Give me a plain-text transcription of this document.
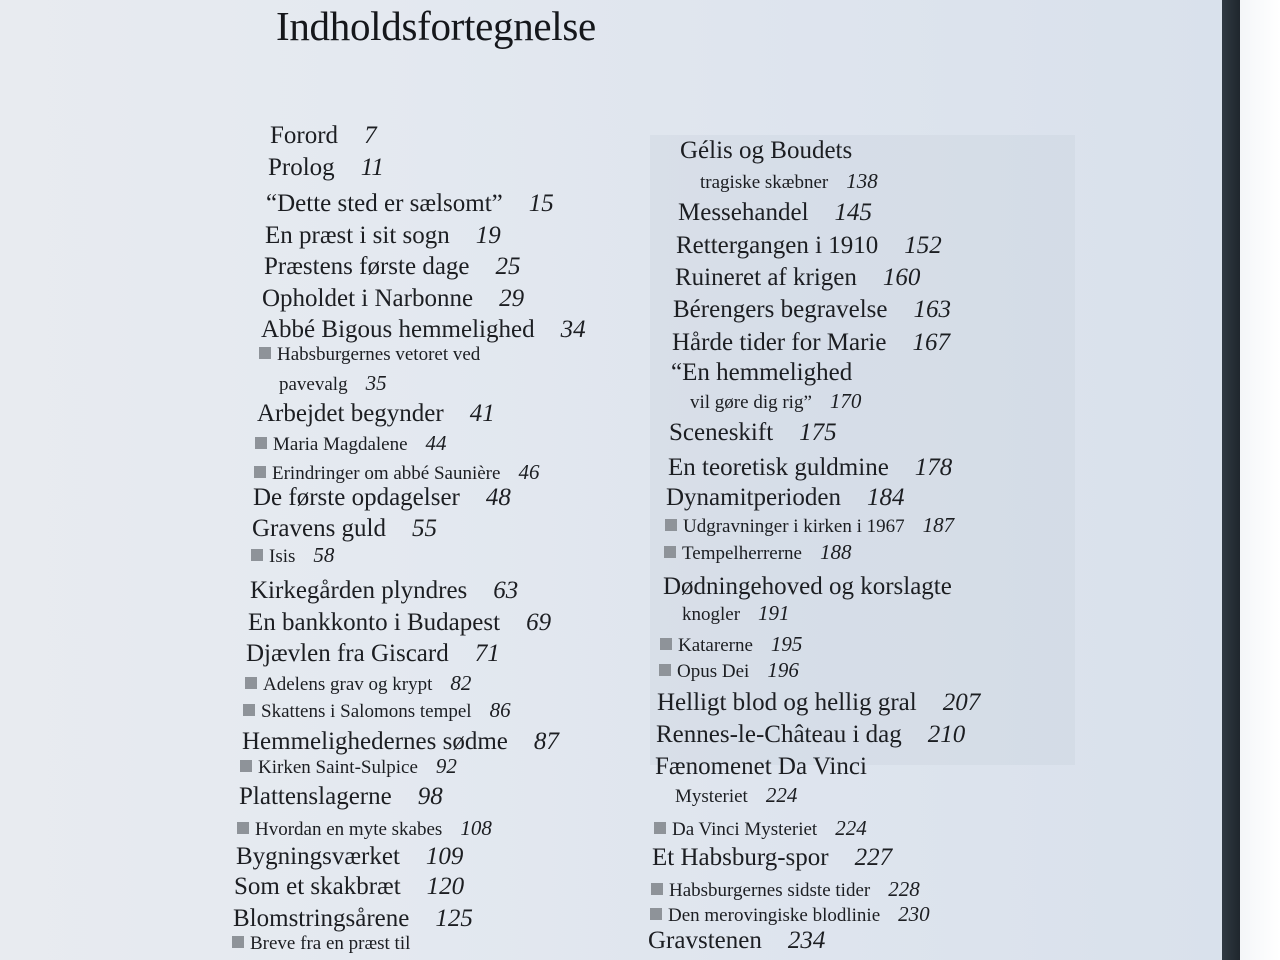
Indholdsfortegnelse
Forord 7
Prolog 11
“Dette sted er sælsomt” 15
En præst i sit sogn 19
Præstens første dage 25
Opholdet i Narbonne 29
Abbé Bigous hemmelighed 34
Habsburgernes vetoret ved
pavevalg 35
Arbejdet begynder 41
Maria Magdalene 44
Erindringer om abbé Saunière 46
De første opdagelser 48
Gravens guld 55
Isis 58
Kirkegården plyndres 63
En bankkonto i Budapest 69
Djævlen fra Giscard 71
Adelens grav og krypt 82
Skattens i Salomons tempel 86
Hemmelighedernes sødme 87
Kirken Saint-Sulpice 92
Plattenslagerne 98
Hvordan en myte skabes 108
Bygningsværket 109
Som et skakbræt 120
Blomstringsårene 125
Breve fra en præst til
Gélis og Boudets
tragiske skæbner 138
Messehandel 145
Rettergangen i 1910 152
Ruineret af krigen 160
Bérengers begravelse 163
Hårde tider for Marie 167
“En hemmelighed
vil gøre dig rig” 170
Sceneskift 175
En teoretisk guldmine 178
Dynamitperioden 184
Udgravninger i kirken i 1967 187
Tempelherrerne 188
Dødningehoved og korslagte
knogler 191
Katarerne 195
Opus Dei 196
Helligt blod og hellig gral 207
Rennes-le-Château i dag 210
Fænomenet Da Vinci
Mysteriet 224
Da Vinci Mysteriet 224
Et Habsburg-spor 227
Habsburgernes sidste tider 228
Den merovingiske blodlinie 230
Gravstenen 234
